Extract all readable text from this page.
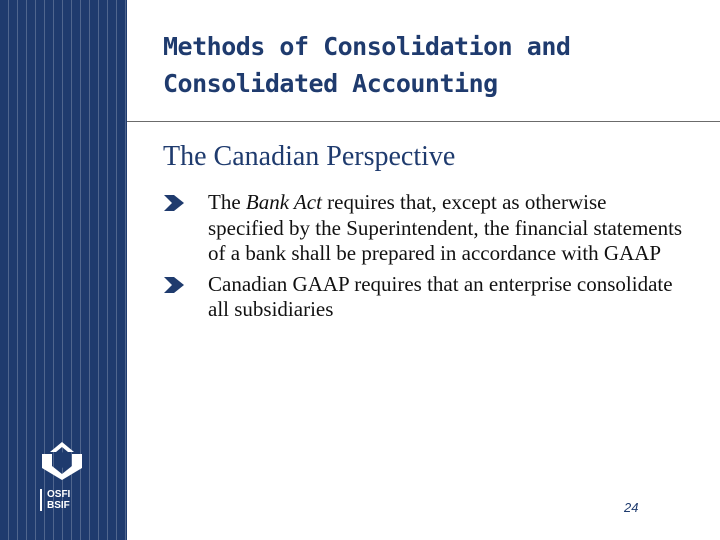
OSFI
BSIF
Methods of Consolidation and
Consolidated Accounting
The Canadian Perspective
The Bank Act requires that, except as otherwise specified by the Superintendent, the financial statements of a bank shall be prepared in accordance with GAAP
Canadian GAAP requires that an enterprise consolidate all subsidiaries
24
